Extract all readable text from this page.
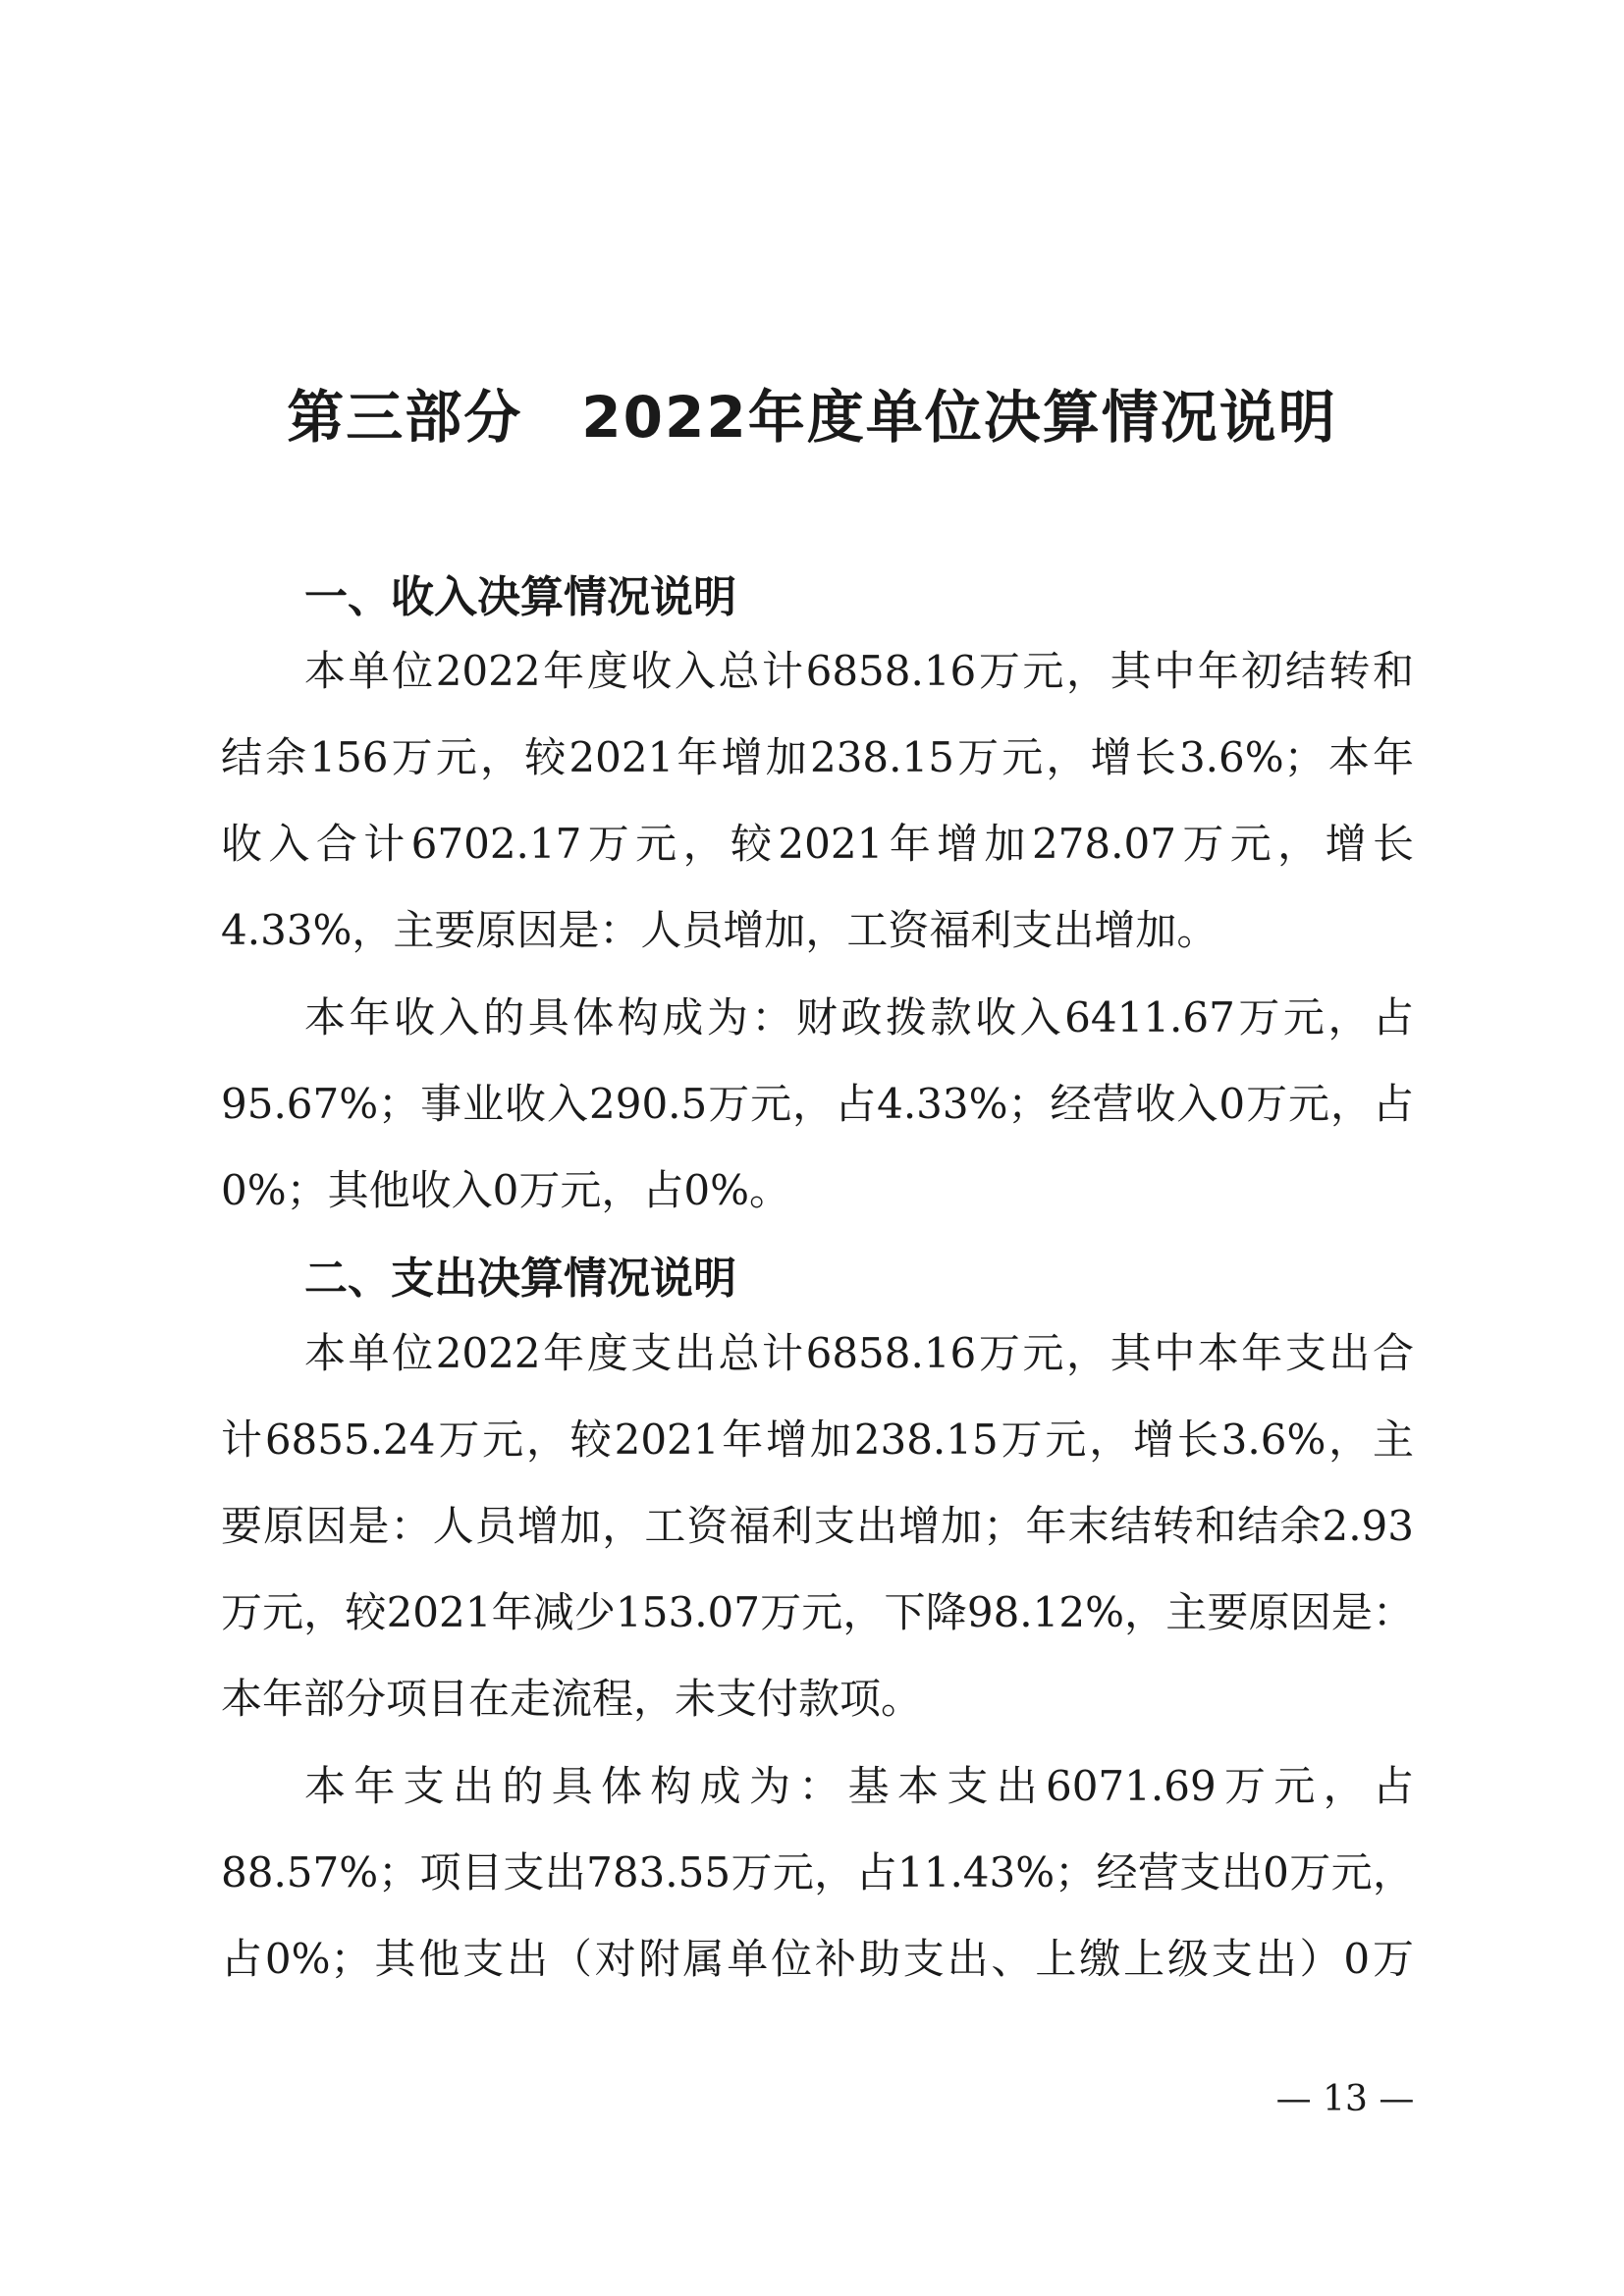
第三部分　2022年度单位决算情况说明
一、收入决算情况说明

本单位2022年度收入总计6858.16万元，其中年初结转和

结余156万元，较2021年增加238.15万元，增长3.6%；本年

收入合计6702.17万元，较2021年增加278.07万元，增长

4.33%，主要原因是：人员增加，工资福利支出增加。

本年收入的具体构成为：财政拨款收入6411.67万元，占

95.67%；事业收入290.5万元，占4.33%；经营收入0万元，占

0%；其他收入0万元，占0%。

二、支出决算情况说明

本单位2022年度支出总计6858.16万元，其中本年支出合

计6855.24万元，较2021年增加238.15万元，增长3.6%，主

要原因是：人员增加，工资福利支出增加；年末结转和结余2.93

万元，较2021年减少153.07万元，下降98.12%，主要原因是：

本年部分项目在走流程，未支付款项。

本年支出的具体构成为：基本支出6071.69万元，占

88.57%；项目支出783.55万元，占11.43%；经营支出0万元，

占0%；其他支出（对附属单位补助支出、上缴上级支出）0万

— 13 —
